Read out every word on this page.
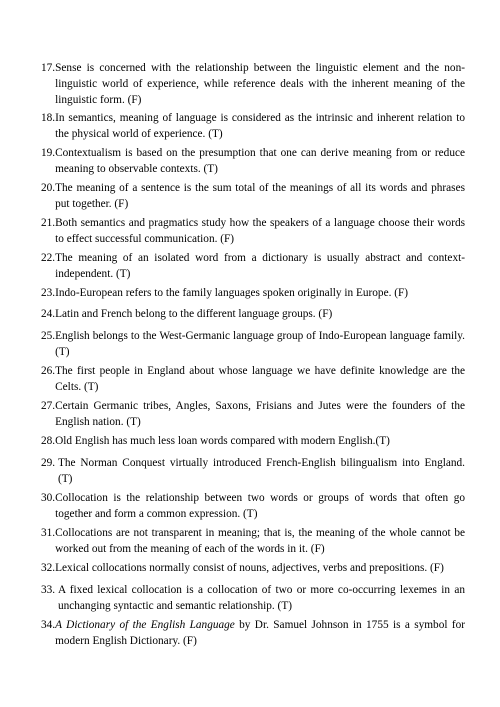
17. Sense is concerned with the relationship between the linguistic element and the non-linguistic world of experience, while reference deals with the inherent meaning of the linguistic form. (F)
18. In semantics, meaning of language is considered as the intrinsic and inherent relation to the physical world of experience. (T)
19. Contextualism is based on the presumption that one can derive meaning from or reduce meaning to observable contexts. (T)
20. The meaning of a sentence is the sum total of the meanings of all its words and phrases put together. (F)
21. Both semantics and pragmatics study how the speakers of a language choose their words to effect successful communication. (F)
22. The meaning of an isolated word from a dictionary is usually abstract and context-independent. (T)
23. Indo-European refers to the family languages spoken originally in Europe. (F)
24. Latin and French belong to the different language groups. (F)
25. English belongs to the West-Germanic language group of Indo-European language family. (T)
26. The first people in England about whose language we have definite knowledge are the Celts. (T)
27. Certain Germanic tribes, Angles, Saxons, Frisians and Jutes were the founders of the English nation. (T)
28. Old English has much less loan words compared with modern English.(T)
29. The Norman Conquest virtually introduced French-English bilingualism into England. (T)
30. Collocation is the relationship between two words or groups of words that often go together and form a common expression. (T)
31. Collocations are not transparent in meaning; that is, the meaning of the whole cannot be worked out from the meaning of each of the words in it. (F)
32. Lexical collocations normally consist of nouns, adjectives, verbs and prepositions. (F)
33. A fixed lexical collocation is a collocation of two or more co-occurring lexemes in an unchanging syntactic and semantic relationship. (T)
34. A Dictionary of the English Language by Dr. Samuel Johnson in 1755 is a symbol for modern English Dictionary. (F)
